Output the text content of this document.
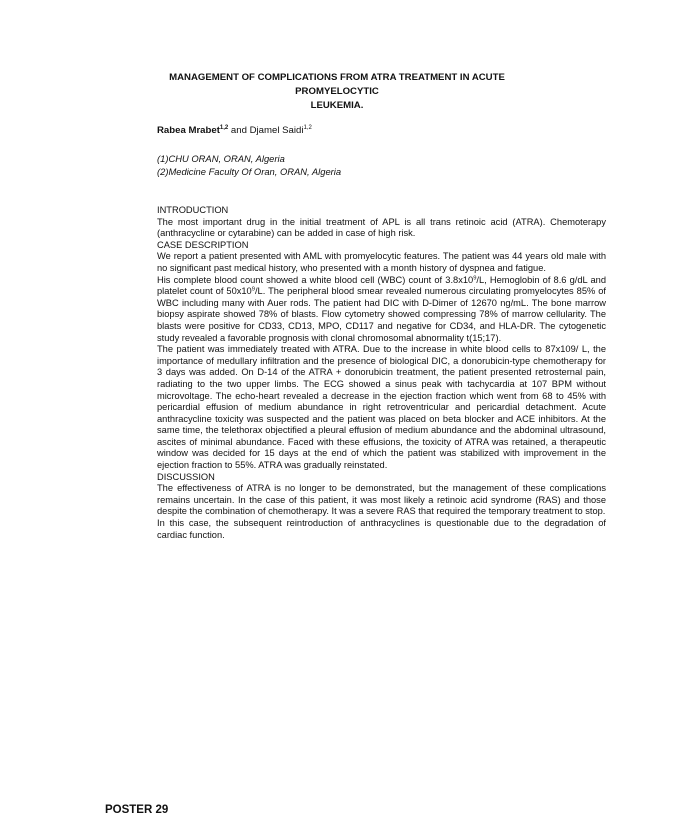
MANAGEMENT OF COMPLICATIONS FROM ATRA TREATMENT IN ACUTE PROMYELOCYTIC
LEUKEMIA.
Rabea Mrabet$^{1,2}$ and Djamel Saidi$^{1,2}$
(1)CHU ORAN, ORAN, Algeria
(2)Medicine Faculty Of Oran, ORAN, Algeria

INTRODUCTION

The most important drug in the initial treatment of APL is all trans retinoic acid (ATRA). Chemoterapy (anthracycline or cytarabine) can be added in case of high risk.

CASE DESCRIPTION

We report a patient presented with AML with promyelocytic features. The patient was 44 years old male with no significant past medical history, who presented with a month history of dyspnea and fatigue.

His complete blood count showed a white blood cell (WBC) count of $3.8x10^9/L$, Hemoglobin of 8.6 g/dL and platelet count of $50x10^9/L$. The peripheral blood smear revealed numerous circulating promyelocytes 85% of WBC including many with Auer rods. The patient had DIC with D-Dimer of 12670 ng/mL. The bone marrow biopsy aspirate showed 78% of blasts. Flow cytometry showed compressing 78% of marrow cellularity. The blasts were positive for CD33, CD13, MPO, CD117 and negative for CD34, and HLA-DR. The cytogenetic study revealed a favorable prognosis with clonal chromosomal abnormality t(15;17).

The patient was immediately treated with ATRA. Due to the increase in white blood cells to 87x109/ L, the importance of medullary infiltration and the presence of biological DIC, a donorubicin-type chemotherapy for 3 days was added. On D-14 of the ATRA + donorubicin treatment, the patient presented retrosternal pain, radiating to the two upper limbs. The ECG showed a sinus peak with tachycardia at 107 BPM without microvoltage. The echo-heart revealed a decrease in the ejection fraction which went from 68 to 45% with pericardial effusion of medium abundance in right retroventricular and pericardial detachment. Acute anthracycline toxicity was suspected and the patient was placed on beta blocker and ACE inhibitors. At the same time, the telethorax objectified a pleural effusion of medium abundance and the abdominal ultrasound, ascites of minimal abundance. Faced with these effusions, the toxicity of ATRA was retained, a therapeutic window was decided for 15 days at the end of which the patient was stabilized with improvement in the ejection fraction to 55%. ATRA was gradually reinstated.

DISCUSSION

The effectiveness of ATRA is no longer to be demonstrated, but the management of these complications remains uncertain. In the case of this patient, it was most likely a retinoic acid syndrome (RAS) and those despite the combination of chemotherapy. It was a severe RAS that required the temporary treatment to stop.

In this case, the subsequent reintroduction of anthracyclines is questionable due to the degradation of cardiac function.

POSTER 29
